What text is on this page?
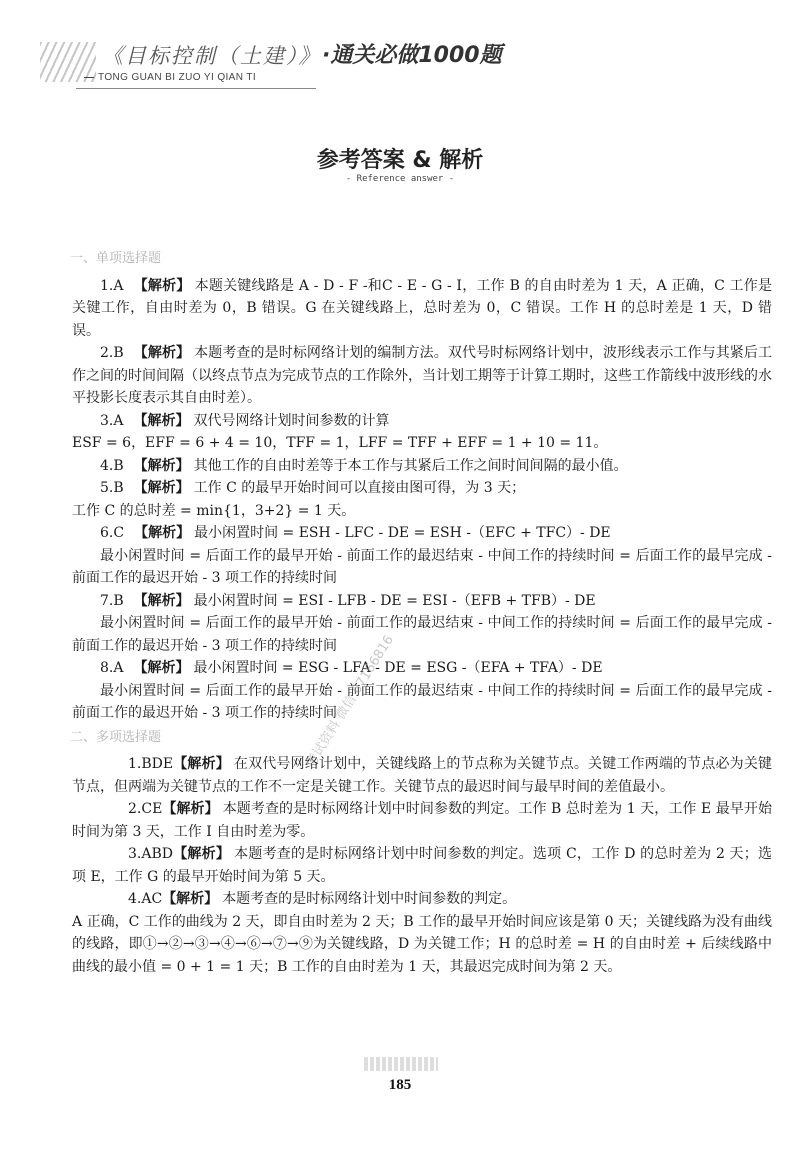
《目标控制（土建）》 ·通关必做1000题
TONG GUAN BI ZUO YI QIAN TI
参考答案 & 解析
- Reference answer -
一、单项选择题

1.A 【解析】 本题关键线路是 A - D - F -和C - E - G - I，工作 B 的自由时差为 1 天，A 正确，C 工作是关键工作，自由时差为 0，B 错误。G 在关键线路上，总时差为 0，C 错误。工作 H 的总时差是 1 天，D 错误。

2.B 【解析】 本题考查的是时标网络计划的编制方法。双代号时标网络计划中，波形线表示工作与其紧后工作之间的时间间隔（以终点节点为完成节点的工作除外，当计划工期等于计算工期时，这些工作箭线中波形线的水平投影长度表示其自由时差）。

3.A 【解析】 双代号网络计划时间参数的计算

ESF = 6，EFF = 6 + 4 = 10，TFF = 1，LFF = TFF + EFF = 1 + 10 = 11。

4.B 【解析】 其他工作的自由时差等于本工作与其紧后工作之间时间间隔的最小值。

5.B 【解析】 工作 C 的最早开始时间可以直接由图可得，为 3 天；

工作 C 的总时差 = min{1，3+2} = 1 天。

6.C 【解析】 最小闲置时间 = ESH - LFC - DE = ESH -（EFC + TFC）- DE

最小闲置时间 = 后面工作的最早开始 - 前面工作的最迟结束 - 中间工作的持续时间 = 后面工作的最早完成 - 前面工作的最迟开始 - 3 项工作的持续时间

7.B 【解析】 最小闲置时间 = ESI - LFB - DE = ESI -（EFB + TFB）- DE

最小闲置时间 = 后面工作的最早开始 - 前面工作的最迟结束 - 中间工作的持续时间 = 后面工作的最早完成 - 前面工作的最迟开始 - 3 项工作的持续时间

8.A 【解析】 最小闲置时间 = ESG - LFA - DE = ESG -（EFA + TFA）- DE

最小闲置时间 = 后面工作的最早开始 - 前面工作的最迟结束 - 中间工作的持续时间 = 后面工作的最早完成 - 前面工作的最迟开始 - 3 项工作的持续时间

二、多项选择题

1.BDE【解析】 在双代号网络计划中，关键线路上的节点称为关键节点。关键工作两端的节点必为关键节点，但两端为关键节点的工作不一定是关键工作。关键节点的最迟时间与最早时间的差值最小。

2.CE【解析】 本题考查的是时标网络计划中时间参数的判定。工作 B 总时差为 1 天，工作 E 最早开始时间为第 3 天，工作 I 自由时差为零。

3.ABD【解析】 本题考查的是时标网络计划中时间参数的判定。选项 C，工作 D 的总时差为 2 天；选项 E，工作 G 的最早开始时间为第 5 天。

4.AC【解析】 本题考查的是时标网络计划中时间参数的判定。

A 正确，C 工作的曲线为 2 天，即自由时差为 2 天；B 工作的最早开始时间应该是第 0 天；关键线路为没有曲线的线路，即①→②→③→④→⑥→⑦→⑨为关键线路，D 为关键工作；H 的总时差 = H 的自由时差 + 后续线路中曲线的最小值 = 0 + 1 = 1 天；B 工作的自由时差为 1 天，其最迟完成时间为第 2 天。

考试资料 微信 67166816
185
